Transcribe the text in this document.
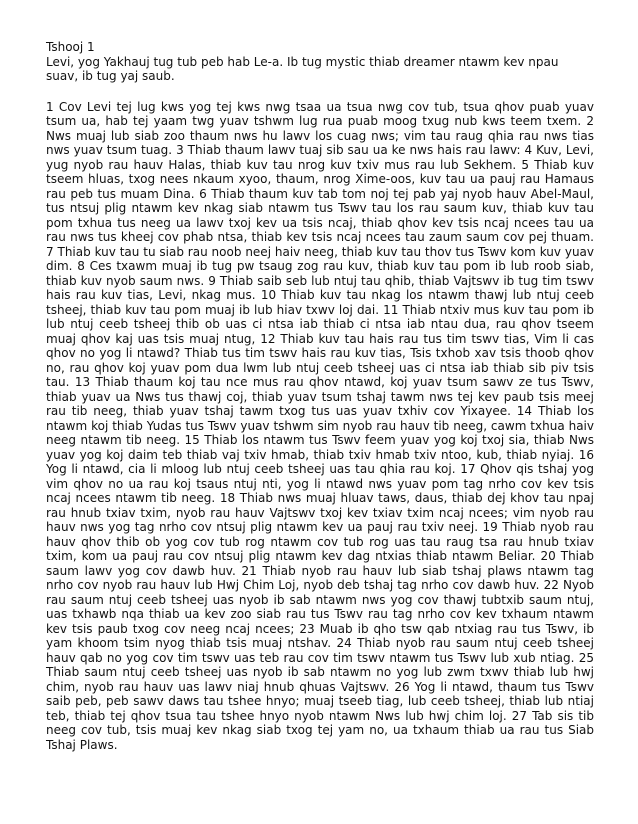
Tshooj 1

Levi, yog Yakhauj tug tub peb hab Le-a. Ib tug mystic thiab dreamer ntawm kev npau suav, ib tug yaj saub.

1 Cov Levi tej lug kws yog tej kws nwg tsaa ua tsua nwg cov tub, tsua qhov puab yuav tsum ua, hab tej yaam twg yuav tshwm lug rua puab moog txug nub kws teem txem. 2 Nws muaj lub siab zoo thaum nws hu lawv los cuag nws; vim tau raug qhia rau nws tias nws yuav tsum tuag. 3 Thiab thaum lawv tuaj sib sau ua ke nws hais rau lawv: 4 Kuv, Levi, yug nyob rau hauv Halas, thiab kuv tau nrog kuv txiv mus rau lub Sekhem. 5 Thiab kuv tseem hluas, txog nees nkaum xyoo, thaum, nrog Xime-oos, kuv tau ua pauj rau Hamaus rau peb tus muam Dina. 6 Thiab thaum kuv tab tom noj tej pab yaj nyob hauv Abel-Maul, tus ntsuj plig ntawm kev nkag siab ntawm tus Tswv tau los rau saum kuv, thiab kuv tau pom txhua tus neeg ua lawv txoj kev ua tsis ncaj, thiab qhov kev tsis ncaj ncees tau ua rau nws tus kheej cov phab ntsa, thiab kev tsis ncaj ncees tau zaum saum cov pej thuam. 7 Thiab kuv tau tu siab rau noob neej haiv neeg, thiab kuv tau thov tus Tswv kom kuv yuav dim. 8 Ces txawm muaj ib tug pw tsaug zog rau kuv, thiab kuv tau pom ib lub roob siab, thiab kuv nyob saum nws. 9 Thiab saib seb lub ntuj tau qhib, thiab Vajtswv ib tug tim tswv hais rau kuv tias, Levi, nkag mus. 10 Thiab kuv tau nkag los ntawm thawj lub ntuj ceeb tsheej, thiab kuv tau pom muaj ib lub hiav txwv loj dai. 11 Thiab ntxiv mus kuv tau pom ib lub ntuj ceeb tsheej thib ob uas ci ntsa iab thiab ci ntsa iab ntau dua, rau qhov tseem muaj qhov kaj uas tsis muaj ntug, 12 Thiab kuv tau hais rau tus tim tswv tias, Vim li cas qhov no yog li ntawd? Thiab tus tim tswv hais rau kuv tias, Tsis txhob xav tsis thoob qhov no, rau qhov koj yuav pom dua lwm lub ntuj ceeb tsheej uas ci ntsa iab thiab sib piv tsis tau. 13 Thiab thaum koj tau nce mus rau qhov ntawd, koj yuav tsum sawv ze tus Tswv, thiab yuav ua Nws tus thawj coj, thiab yuav tsum tshaj tawm nws tej kev paub tsis meej rau tib neeg, thiab yuav tshaj tawm txog tus uas yuav txhiv cov Yixayee. 14 Thiab los ntawm koj thiab Yudas tus Tswv yuav tshwm sim nyob rau hauv tib neeg, cawm txhua haiv neeg ntawm tib neeg. 15 Thiab los ntawm tus Tswv feem yuav yog koj txoj sia, thiab Nws yuav yog koj daim teb thiab vaj txiv hmab, thiab txiv hmab txiv ntoo, kub, thiab nyiaj. 16 Yog li ntawd, cia li mloog lub ntuj ceeb tsheej uas tau qhia rau koj. 17 Qhov qis tshaj yog vim qhov no ua rau koj tsaus ntuj nti, yog li ntawd nws yuav pom tag nrho cov kev tsis ncaj ncees ntawm tib neeg. 18 Thiab nws muaj hluav taws, daus, thiab dej khov tau npaj rau hnub txiav txim, nyob rau hauv Vajtswv txoj kev txiav txim ncaj ncees; vim nyob rau hauv nws yog tag nrho cov ntsuj plig ntawm kev ua pauj rau txiv neej. 19 Thiab nyob rau hauv qhov thib ob yog cov tub rog ntawm cov tub rog uas tau raug tsa rau hnub txiav txim, kom ua pauj rau cov ntsuj plig ntawm kev dag ntxias thiab ntawm Beliar. 20 Thiab saum lawv yog cov dawb huv. 21 Thiab nyob rau hauv lub siab tshaj plaws ntawm tag nrho cov nyob rau hauv lub Hwj Chim Loj, nyob deb tshaj tag nrho cov dawb huv. 22 Nyob rau saum ntuj ceeb tsheej uas nyob ib sab ntawm nws yog cov thawj tubtxib saum ntuj, uas txhawb nqa thiab ua kev zoo siab rau tus Tswv rau tag nrho cov kev txhaum ntawm kev tsis paub txog cov neeg ncaj ncees; 23 Muab ib qho tsw qab ntxiag rau tus Tswv, ib yam khoom tsim nyog thiab tsis muaj ntshav. 24 Thiab nyob rau saum ntuj ceeb tsheej hauv qab no yog cov tim tswv uas teb rau cov tim tswv ntawm tus Tswv lub xub ntiag. 25 Thiab saum ntuj ceeb tsheej uas nyob ib sab ntawm no yog lub zwm txwv thiab lub hwj chim, nyob rau hauv uas lawv niaj hnub qhuas Vajtswv. 26 Yog li ntawd, thaum tus Tswv saib peb, peb sawv daws tau tshee hnyo; muaj tseeb tiag, lub ceeb tsheej, thiab lub ntiaj teb, thiab tej qhov tsua tau tshee hnyo nyob ntawm Nws lub hwj chim loj. 27 Tab sis tib neeg cov tub, tsis muaj kev nkag siab txog tej yam no, ua txhaum thiab ua rau tus Siab Tshaj Plaws.
